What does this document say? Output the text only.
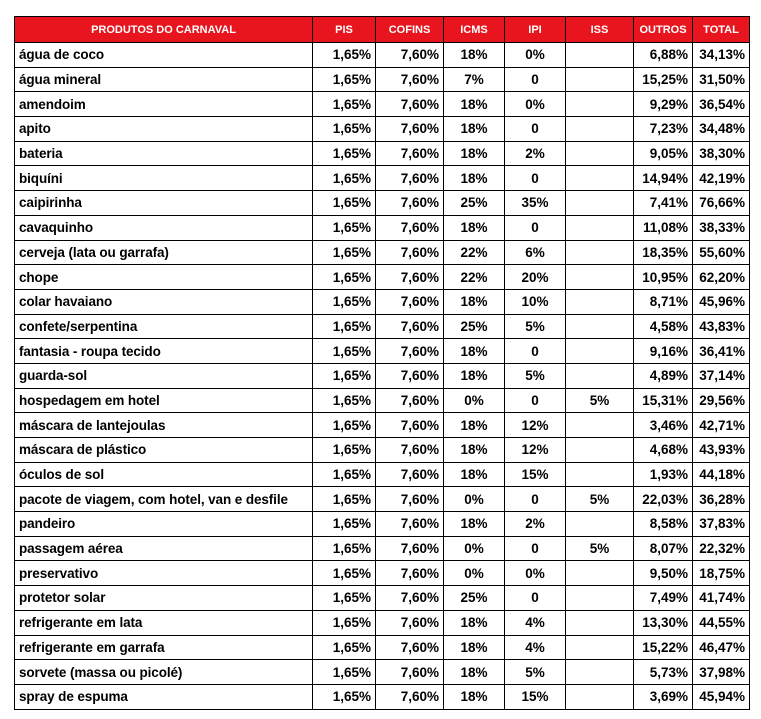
PRODUTOS DO CARNAVAL	PIS	COFINS	ICMS	IPI	ISS	OUTROS	TOTAL
água de coco	1,65%	7,60%	18%	0%		6,88%	34,13%
água mineral	1,65%	7,60%	7%	0		15,25%	31,50%
amendoim	1,65%	7,60%	18%	0%		9,29%	36,54%
apito	1,65%	7,60%	18%	0		7,23%	34,48%
bateria	1,65%	7,60%	18%	2%		9,05%	38,30%
biquíni	1,65%	7,60%	18%	0		14,94%	42,19%
caipirinha	1,65%	7,60%	25%	35%		7,41%	76,66%
cavaquinho	1,65%	7,60%	18%	0		11,08%	38,33%
cerveja (lata ou garrafa)	1,65%	7,60%	22%	6%		18,35%	55,60%
chope	1,65%	7,60%	22%	20%		10,95%	62,20%
colar havaiano	1,65%	7,60%	18%	10%		8,71%	45,96%
confete/serpentina	1,65%	7,60%	25%	5%		4,58%	43,83%
fantasia - roupa tecido	1,65%	7,60%	18%	0		9,16%	36,41%
guarda-sol	1,65%	7,60%	18%	5%		4,89%	37,14%
hospedagem em hotel	1,65%	7,60%	0%	0	5%	15,31%	29,56%
máscara de lantejoulas	1,65%	7,60%	18%	12%		3,46%	42,71%
máscara de plástico	1,65%	7,60%	18%	12%		4,68%	43,93%
óculos de sol	1,65%	7,60%	18%	15%		1,93%	44,18%
pacote de viagem, com hotel, van e desfile	1,65%	7,60%	0%	0	5%	22,03%	36,28%
pandeiro	1,65%	7,60%	18%	2%		8,58%	37,83%
passagem aérea	1,65%	7,60%	0%	0	5%	8,07%	22,32%
preservativo	1,65%	7,60%	0%	0%		9,50%	18,75%
protetor solar	1,65%	7,60%	25%	0		7,49%	41,74%
refrigerante em lata	1,65%	7,60%	18%	4%		13,30%	44,55%
refrigerante em garrafa	1,65%	7,60%	18%	4%		15,22%	46,47%
sorvete (massa ou picolé)	1,65%	7,60%	18%	5%		5,73%	37,98%
spray de espuma	1,65%	7,60%	18%	15%		3,69%	45,94%
